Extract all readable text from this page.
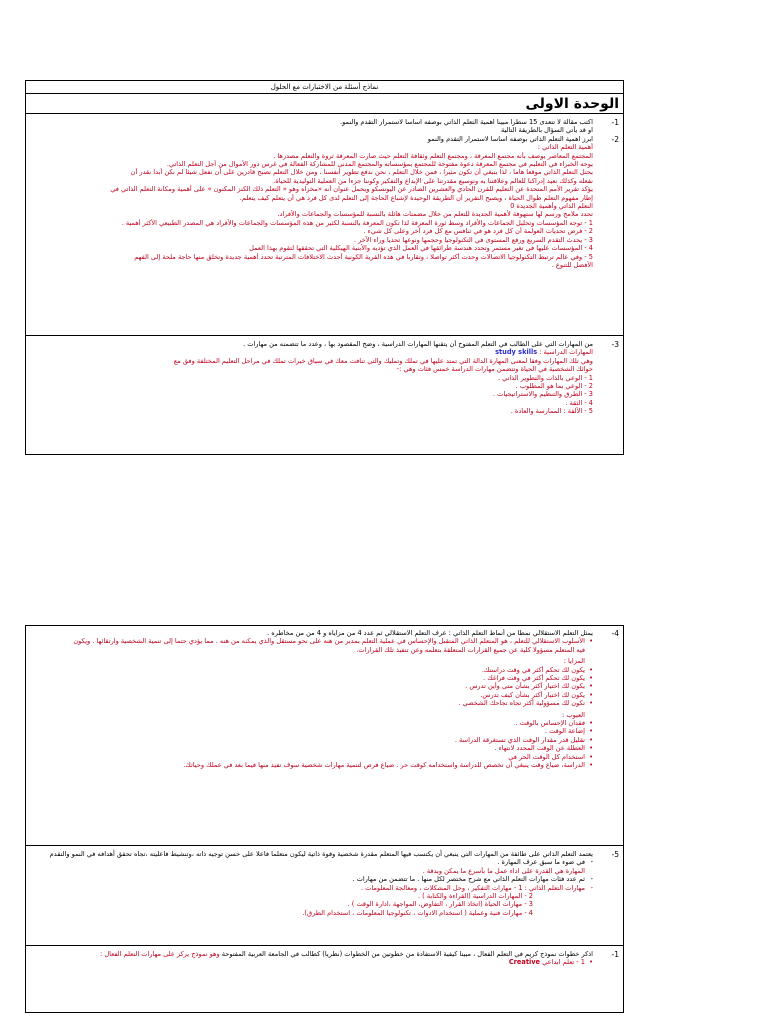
نماذج أسئلة من الاختبارات مع الحلول
الوحدة الاولى
1-
2-
اكتب مقالة لا تتعدى 15 سطرا مبينا اهمية التعلم الذاتي بوصفه اساسا لاستمرار التقدم والنمو.
او قد يأتي السؤال بالطريقة التالية
ابرز اهمية التعلم الذاتي بوصفه اساسا لاستمرار التقدم والنمو
أهمية التعلم الذاتي :
المجتمع المعاصر يوصف بأنه مجتمع المعرفة ، ومجتمع التعلم وثقافة التعلم حيث صارت المعرفة ثروة والتعلم مصدرها .
يوجه الخبراء في التعليم في مجتمع المعرفة دعوة مفتوحة للمجتمع بمؤسساته والمجتمع المدني للمشاركة الفعالة في غرس دور الأموال من أجل التعلم الذاتي.
يحتل التعلم الذاتي موقعا هاما ، لذا ينبغي أن تكون مثيرا ، فمن خلال التعلم ، نحن ندفع تطوير أنفسنا ، ومن خلال التعلم نصبح قادرين على أن نفعل شيئا لم نكن أبدا نقدر أن
نفعله وكذلك نعيد إدراكنا للعالم وعلاقتنا به وتوسيع مقدرتنا على الإبداع والتفكير وكوننا جزءا من العملية التوليدية للحياة.
يؤكد تقرير الأمم المتحدة عن التعليم للقرن الحادي والعشرين الصادر عن اليونسكو ويحمل عنوان أنه «مخزاه وهو « التعلم ذلك الكنز المكنون » على أهمية ومكانة التعلم الذاتي في
إطار مفهوم التعلم طوال الحياة ، ويصبح التقرير أن الطريقة الوحيدة لإشباع الحاجة إلى التعلم لدى كل فرد هي أن يتعلم كيف يتعلم.
التعلم الذاتي وأهمية الجديدة 0
تحدد ملامح ورسم لها ستهوفة لأهمية الجديدة للتعلم من خلال مضمنات هائلة بالنسبة للمؤسسات والجماعات والأفراد.
1 - توجه المؤسسات وتحليل الجماعات والأفراد وسط ثورة المعرفة لذا تكون المعرفة بالنسبة لكثير من هذه المؤسسات والجماعات والأفراد هي المصدر الطبيعي الأكثر أهمية .
2 - فرض تحديات العولمة أن كل فرد هو في تنافس مع كل فرد آخر وعلى كل شيء .
3 - يحدث التقدم السريع ورفع المستوى في التكنولوجيا وحجمها ونوعها تحديا وراء الآخر .
4 - المؤسسات عليها في تغير مستمر وتحدد هندسة طرائقها في العمل الذي تؤديه والأبنية الهيكلية التي تحققها لتقوم بهذا العمل
5 - وفي عالم ترتبط التكنولوجيا الاتصالات وحدت أكثر تواصلا ، وتقاربا في هذه القرية الكونية أحدث الاختلافات المترتبة تحدد أهمية جديدة وتخلق منها حاجة ملحة إلى الفهم
الأفضل للتنوع .
3-
من المهارات التي على الطالب في التعلم المفتوح أن يتقنها المهارات الدراسية ، وضح المقصود بها ، وعدد ما تتضمنه من مهارات .
المهارات الدراسية : study skills
وهي تلك المهارات وفقا لمعنى المهارة الدالة التي تمتد عليها في تملك وتمليك والتي تنافت معك في سياق خبرات تملك في مراحل التعليم المختلفة وفق مع
حوائك الشخصية في الحياة وتتضمن مهارات الدراسة خمس فئات وهي :-
1 - الوعي بالذات والتطوير الذاتي .
2 - الوعي بما هو المطلوب .
3 - الطرق والتنظيم والاستراتيجيات .
4 - الثقة .
5 - الألفة : الممارسة والعادة .
4-
يمثل التعلم الاستقلالي نمطا من أنماط التعلم الذاتي : عرف التعلم الاستقلالي ثم عدد 4 من مزاياه و 4 من من مخاطره .
• الأسلوب الاستقلالي للتعلم ، هو المتعلم الذاتي المتقبل والإحساس في عملية التعلم بمدير من هنه على نحو مستقل والذي يمكنه من هنه . مما يؤدي حتما إلى تنمية الشخصية وارتقائها . ويكون
فيه المتعلم مسؤولا كلية عن جميع القرارات المتعلقة بتعلمه وعن تنفيذ تلك القرارات.
المزايا :
• يكون لك تحكم أكثر في وقت دراستك.
• يكون لك تحكم أكثر في وقت فراغك .
• يكون لك اختيار أكثر بشأن متى وأين تدرس .
• يكون لك اختيار أكثر بشأن كيف تدرس.
• تكون لك مسؤولية أكثر تجاه نجاحك الشخصي .
العيوب :
• فقدان الإحساس بالوقت .
• إضاعة الوقت .
• تقليل قدر مقدار الوقت الذي تستغرقه الدراسة .
• العطلة عن الوقت المحدد لانتهاء .
• استخدام كل الوقت الحر في
• الدراسة، ضياع وقت ينبغي أن تخصص للدراسة واستخدامه كوقت حر . ضياع فرص لتنمية مهارات شخصية سوف تفيد منها فيما بعد في عملك وحياتك.
5-
يعتمد التعلم الذاتي على طائفة من المهارات التي ينبغي أن يكتسب فيها المتعلم مقدرة شخصية وقوة ذاتية ليكون متعلما فاعلا على حسن توجيه ذاته ،وتنشيط فاعليته ،تجاه تحقق أهدافه في النمو والتقدم
- في ضوء ما سبق عرف المهارة .
المهارة هي القدرة على اداء عمل ما بأسرع ما يمكن وبدقة .
- ثم عدد فئات مهارات التعلم الذاتي مع شرح مختصر لكل منها . ما تتضمن من مهارات .
- مهارات التعلم الذاتي : 1 - مهارات التفكير ، وحل المشكلات ، ومعالجة المعلومات .
2 - المهارات الدراسية (القراءة والكتابة ) .
3 - مهارات الحياة (اتخاذ القرار ، التفاوض، المواجهة ،ادارة الوقت ) .
4 - مهارات فنية وعملية ( استخدام الادوات ، تكنولوجيا المعلومات ، استخدام الطرق).
1-
اذكر خطوات نموذج كريم في التعلم الفعال ، مبينا كيفية الاستفادة من خطوتين من الخطوات (نظريا) كطالب في الجامعة العربية المفتوحة وهو نموذج يركز على مهارات التعلم الفعال :
• 1 - تعلم ابداعي Creative
